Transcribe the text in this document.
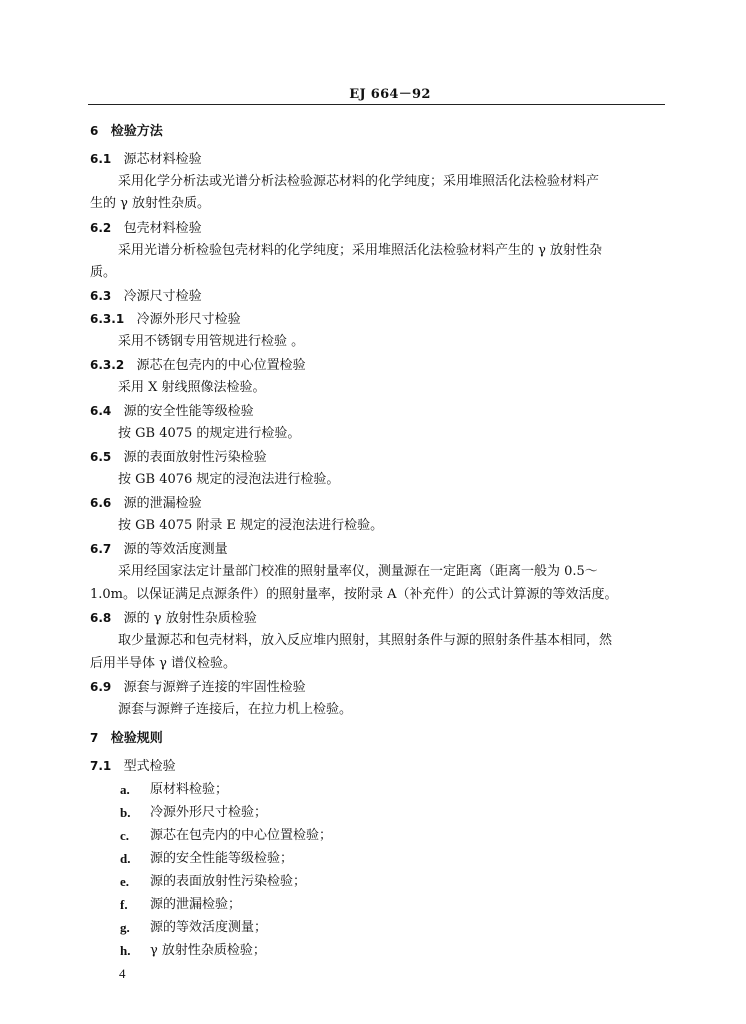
EJ 664－92
6 检验方法
6.1 源芯材料检验
采用化学分析法或光谱分析法检验源芯材料的化学纯度；采用堆照活化法检验材料产
生的 γ 放射性杂质。
6.2 包壳材料检验
采用光谱分析检验包壳材料的化学纯度；采用堆照活化法检验材料产生的 γ 放射性杂
质。
6.3 冷源尺寸检验
6.3.1 冷源外形尺寸检验
采用不锈钢专用管规进行检验 。
6.3.2 源芯在包壳内的中心位置检验
采用 X 射线照像法检验。
6.4 源的安全性能等级检验
按 GB 4075 的规定进行检验。
6.5 源的表面放射性污染检验
按 GB 4076 规定的浸泡法进行检验。
6.6 源的泄漏检验
按 GB 4075 附录 E 规定的浸泡法进行检验。
6.7 源的等效活度测量
采用经国家法定计量部门校准的照射量率仪，测量源在一定距离（距离一般为 0.5～
1.0m。以保证满足点源条件）的照射量率，按附录 A（补充件）的公式计算源的等效活度。
6.8 源的 γ 放射性杂质检验
取少量源芯和包壳材料，放入反应堆内照射，其照射条件与源的照射条件基本相同，然
后用半导体 γ 谱仪检验。
6.9 源套与源辫子连接的牢固性检验
源套与源辫子连接后，在拉力机上检验。
7 检验规则
7.1 型式检验
a. 原材料检验；
b. 冷源外形尺寸检验；
c. 源芯在包壳内的中心位置检验；
d. 源的安全性能等级检验；
e. 源的表面放射性污染检验；
f. 源的泄漏检验；
g. 源的等效活度测量；
h. γ 放射性杂质检验；
4
